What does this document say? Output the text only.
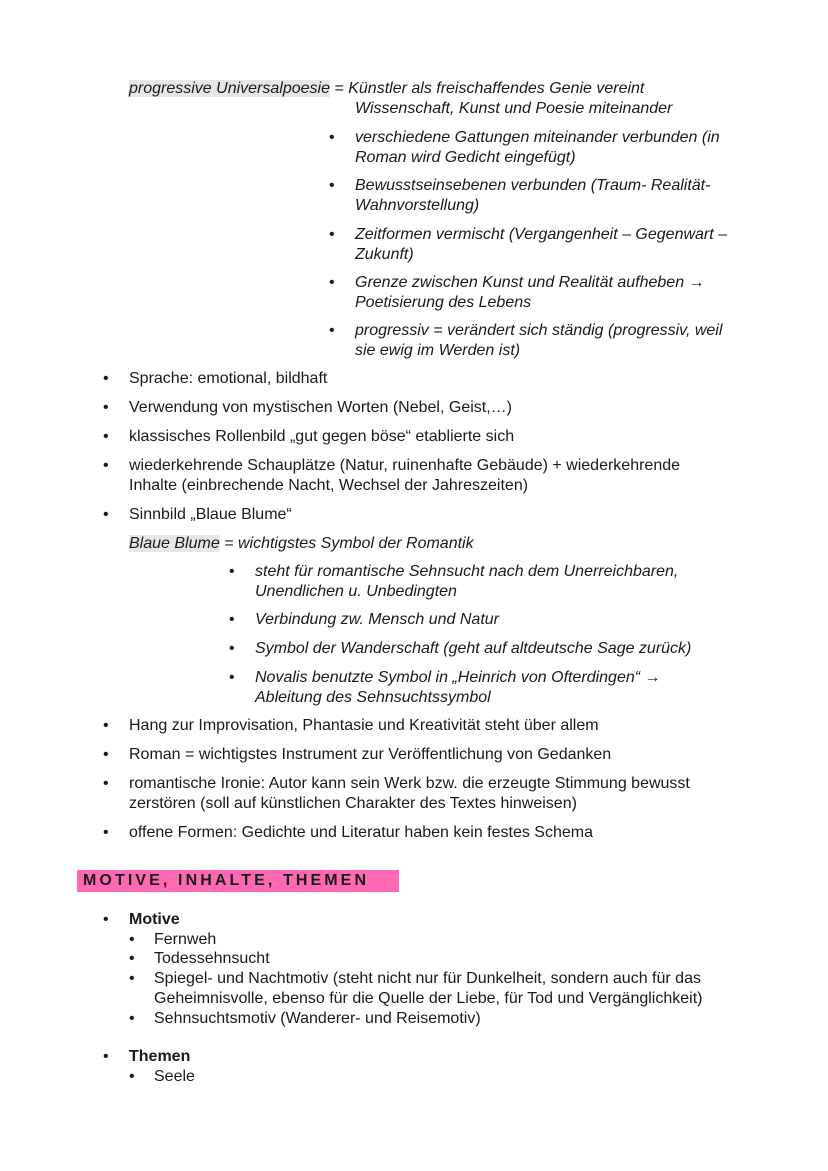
progressive Universalpoesie = Künstler als freischaffendes Genie vereint
Wissenschaft, Kunst und Poesie miteinander
• verschiedene Gattungen miteinander verbunden (in
Roman wird Gedicht eingefügt)
• Bewusstseinsebenen verbunden (Traum- Realität-
Wahnvorstellung)
• Zeitformen vermischt (Vergangenheit – Gegenwart –
Zukunft)
• Grenze zwischen Kunst und Realität aufheben →
Poetisierung des Lebens
• progressiv = verändert sich ständig (progressiv, weil
sie ewig im Werden ist)
• Sprache: emotional, bildhaft
• Verwendung von mystischen Worten (Nebel, Geist,…)
• klassisches Rollenbild „gut gegen böse“ etablierte sich
• wiederkehrende Schauplätze (Natur, ruinenhafte Gebäude) + wiederkehrende
Inhalte (einbrechende Nacht, Wechsel der Jahreszeiten)
• Sinnbild „Blaue Blume“
Blaue Blume = wichtigstes Symbol der Romantik
• steht für romantische Sehnsucht nach dem Unerreichbaren,
Unendlichen u. Unbedingten
• Verbindung zw. Mensch und Natur
• Symbol der Wanderschaft (geht auf altdeutsche Sage zurück)
• Novalis benutzte Symbol in „Heinrich von Ofterdingen“ →
Ableitung des Sehnsuchtssymbol
• Hang zur Improvisation, Phantasie und Kreativität steht über allem
• Roman = wichtigstes Instrument zur Veröffentlichung von Gedanken
• romantische Ironie: Autor kann sein Werk bzw. die erzeugte Stimmung bewusst
zerstören (soll auf künstlichen Charakter des Textes hinweisen)
• offene Formen: Gedichte und Literatur haben kein festes Schema
MOTIVE, INHALTE, THEMEN
• Motive
• Fernweh
• Todessehnsucht
• Spiegel- und Nachtmotiv (steht nicht nur für Dunkelheit, sondern auch für das
Geheimnisvolle, ebenso für die Quelle der Liebe, für Tod und Vergänglichkeit)
• Sehnsuchtsmotiv (Wanderer- und Reisemotiv)
• Themen
• Seele
